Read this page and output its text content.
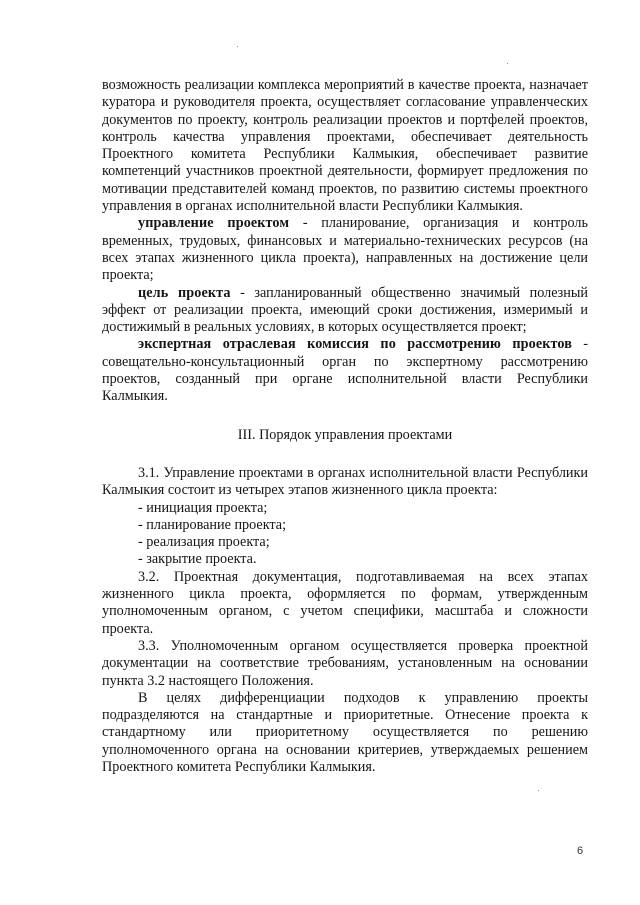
возможность реализации комплекса мероприятий в качестве проекта, назначает куратора и руководителя проекта, осуществляет согласование управленческих документов по проекту, контроль реализации проектов и портфелей проектов, контроль качества управления проектами, обеспечивает деятельность Проектного комитета Республики Калмыкия, обеспечивает развитие компетенций участников проектной деятельности, формирует предложения по мотивации представителей команд проектов, по развитию системы проектного управления в органах исполнительной власти Республики Калмыкия.

управление проектом - планирование, организация и контроль временных, трудовых, финансовых и материально-технических ресурсов (на всех этапах жизненного цикла проекта), направленных на достижение цели проекта;

цель проекта - запланированный общественно значимый полезный эффект от реализации проекта, имеющий сроки достижения, измеримый и достижимый в реальных условиях, в которых осуществляется проект;

экспертная отраслевая комиссия по рассмотрению проектов - совещательно-консультационный орган по экспертному рассмотрению проектов, созданный при органе исполнительной власти Республики Калмыкия.

III. Порядок управления проектами

3.1. Управление проектами в органах исполнительной власти Республики Калмыкия состоит из четырех этапов жизненного цикла проекта:

- инициация проекта;

- планирование проекта;

- реализация проекта;

- закрытие проекта.

3.2. Проектная документация, подготавливаемая на всех этапах жизненного цикла проекта, оформляется по формам, утвержденным уполномоченным органом, с учетом специфики, масштаба и сложности проекта.

3.3. Уполномоченным органом осуществляется проверка проектной документации на соответствие требованиям, установленным на основании пункта 3.2 настоящего Положения.

В целях дифференциации подходов к управлению проекты подразделяются на стандартные и приоритетные. Отнесение проекта к стандартному или приоритетному осуществляется по решению уполномоченного органа на основании критериев, утверждаемых решением Проектного комитета Республики Калмыкия.

6
